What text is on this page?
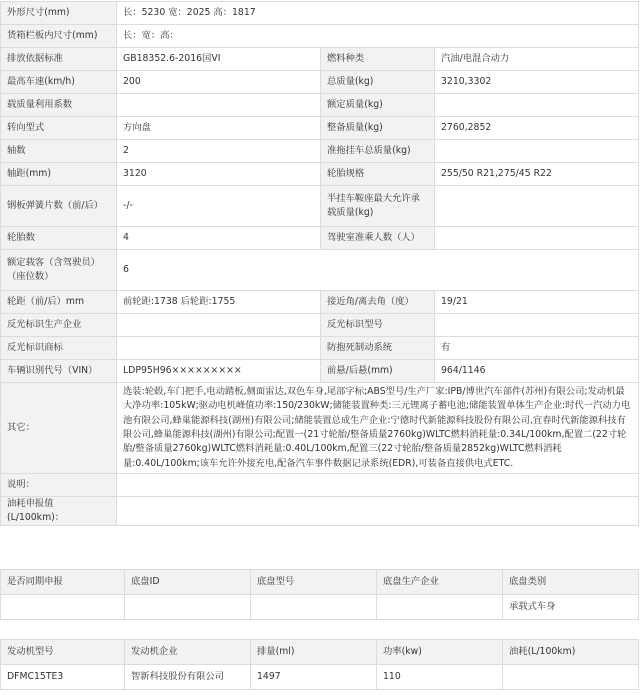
外形尺寸(mm)	长：5230 宽：2025 高：1817		
货箱栏板内尺寸(mm)	长：宽：高：		
排放依据标准	GB18352.6-2016国VI	燃料种类	汽油/电混合动力
最高车速(km/h)	200	总质量(kg)	3210,3302
载质量利用系数		额定质量(kg)	
转向型式	方向盘	整备质量(kg)	2760,2852
轴数	2	准拖挂车总质量(kg)	
轴距(mm)	3120	轮胎规格	255/50 R21,275/45 R22
钢板弹簧片数（前/后）	-/-	半挂车鞍座最大允许承载质量(kg)	
轮胎数	4	驾驶室准乘人数（人）	
额定载客（含驾驶员）（座位数）	6		
轮距（前/后）mm	前轮距:1738 后轮距:1755	接近角/离去角（度）	19/21
反光标识生产企业		反光标识型号	
反光标识商标		防抱死制动系统	有
车辆识别代号（VIN）	LDP95H96×××××××××	前悬/后悬(mm)	964/1146
其它：	选装:轮毂,车门把手,电动踏板,侧面雷达,双色车身,尾部字标;ABS型号/生产厂家:IPB/博世汽车部件(苏州)有限公司;发动机最大净功率:105kW;驱动电机峰值功率:150/230kW;储能装置种类:三元锂离子蓄电池;储能装置单体生产企业:时代一汽动力电池有限公司,蜂巢能源科技(湖州)有限公司;储能装置总成生产企业:宁德时代新能源科技股份有限公司,宜春时代新能源科技有限公司,蜂巢能源科技(湖州)有限公司;配置一(21寸轮胎/整备质量2760kg)WLTC燃料消耗量:0.34L/100km,配置二(22寸轮胎/整备质量2760kg)WLTC燃料消耗量:0.40L/100km,配置三(22寸轮胎/整备质量2852kg)WLTC燃料消耗量:0.40L/100km;该车允许外接充电,配备汽车事件数据记录系统(EDR),可装备直接供电式ETC.		
说明：			
油耗申报值(L/100km)：			
是否同期申报	底盘ID	底盘型号	底盘生产企业	底盘类别
				承载式车身
发动机型号	发动机企业	排量(ml)	功率(kw)	油耗(L/100km)
DFMC15TE3	智新科技股份有限公司	1497	110	
